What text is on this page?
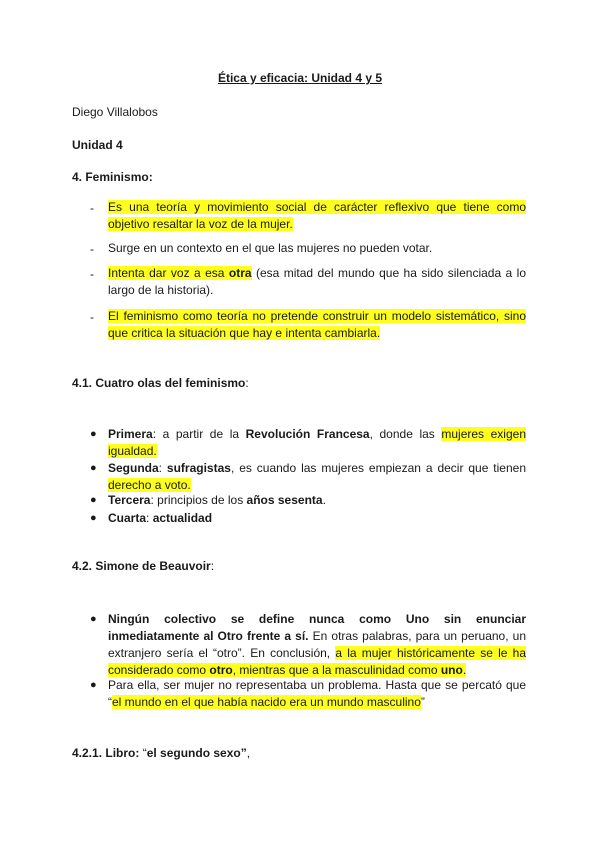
Ética y eficacia: Unidad 4 y 5
Diego Villalobos
Unidad 4
4. Feminismo:
- Es una teoría y movimiento social de carácter reflexivo que tiene como objetivo resaltar la voz de la mujer.
- Surge en un contexto en el que las mujeres no pueden votar.
- Intenta dar voz a esa otra (esa mitad del mundo que ha sido silenciada a lo largo de la historia).
- El feminismo como teoría no pretende construir un modelo sistemático, sino que critica la situación que hay e intenta cambiarla.
4.1. Cuatro olas del feminismo:
● Primera: a partir de la Revolución Francesa, donde las mujeres exigen igualdad.
● Segunda: sufragistas, es cuando las mujeres empiezan a decir que tienen derecho a voto.
● Tercera: principios de los años sesenta.
● Cuarta: actualidad
4.2. Simone de Beauvoir:
● Ningún colectivo se define nunca como Uno sin enunciar inmediatamente al Otro frente a sí. En otras palabras, para un peruano, un extranjero sería el “otro”. En conclusión, a la mujer históricamente se le ha considerado como otro, mientras que a la masculinidad como uno.
● Para ella, ser mujer no representaba un problema. Hasta que se percató que “el mundo en el que había nacido era un mundo masculino”
4.2.1. Libro: “el segundo sexo”,
